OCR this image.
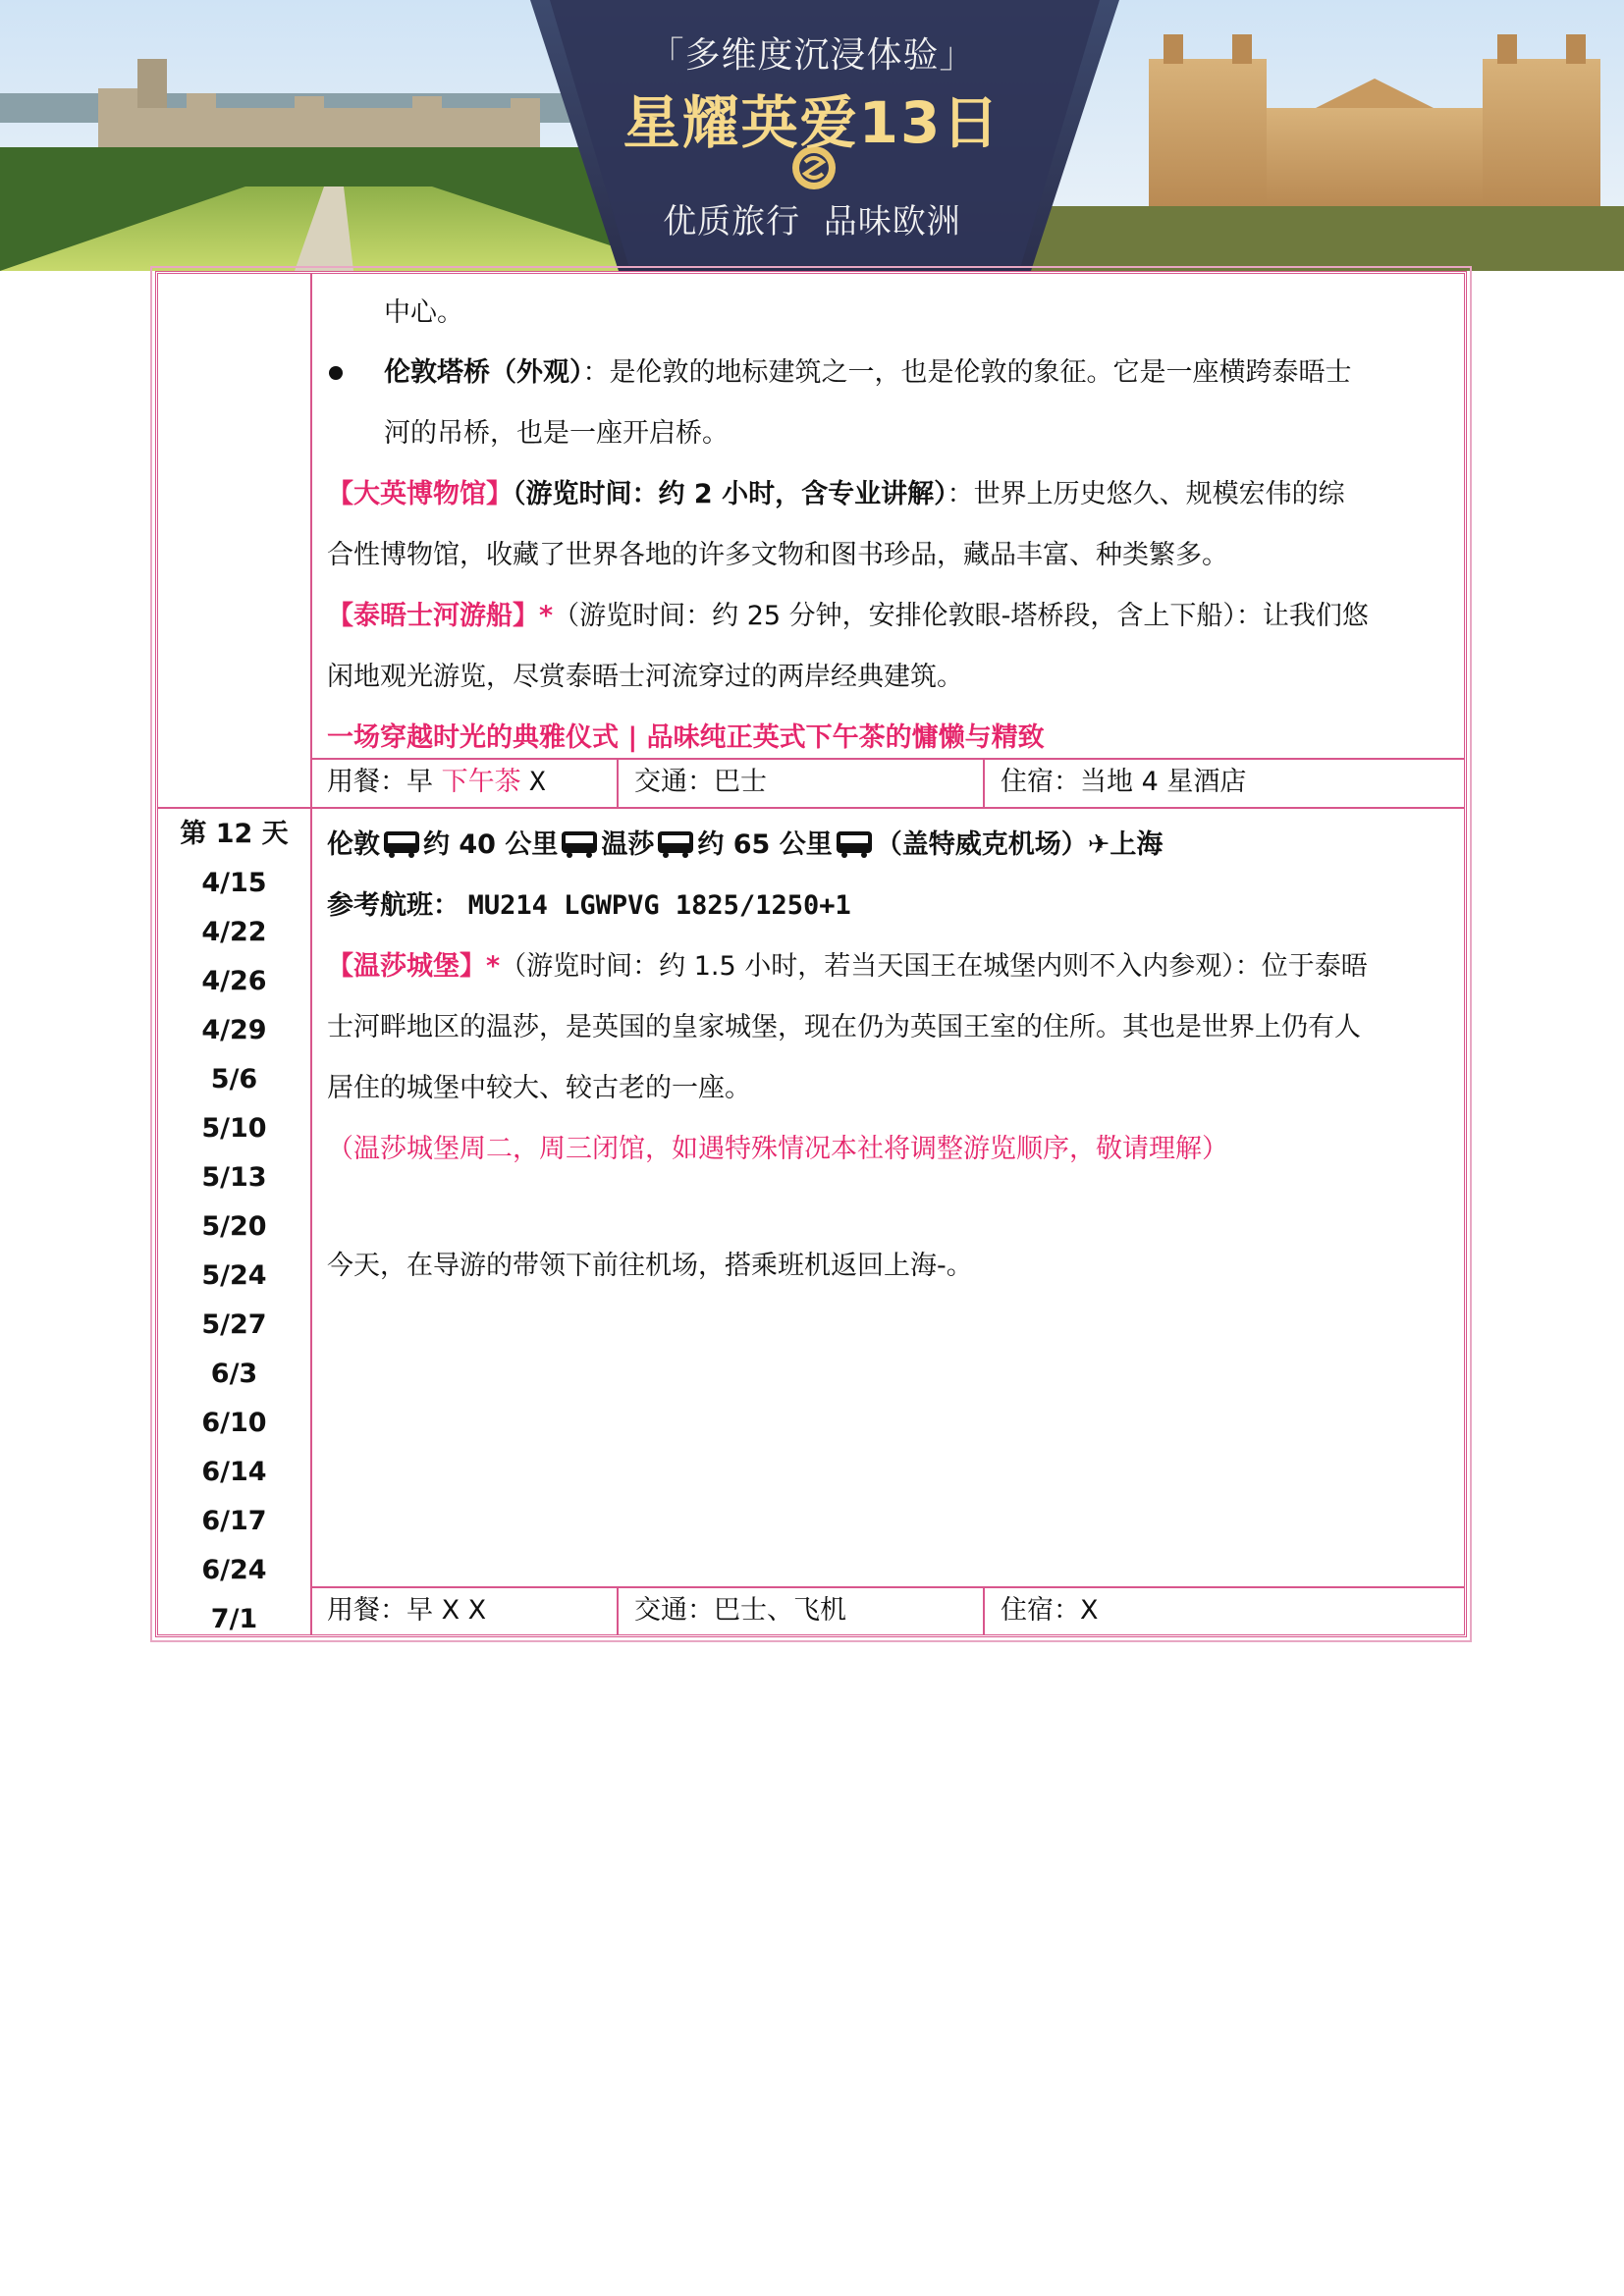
「多维度沉浸体验」
星耀英爱13日
优质旅行  品味欧洲
中心。
伦敦塔桥（外观）：是伦敦的地标建筑之一，也是伦敦的象征。它是一座横跨泰晤士
河的吊桥，也是一座开启桥。
【大英博物馆】（游览时间：约 2 小时，含专业讲解）：世界上历史悠久、规模宏伟的综
合性博物馆，收藏了世界各地的许多文物和图书珍品，藏品丰富、种类繁多。
【泰晤士河游船】*（游览时间：约 25 分钟，安排伦敦眼-塔桥段，含上下船）：让我们悠
闲地观光游览，尽赏泰晤士河流穿过的两岸经典建筑。
一场穿越时光的典雅仪式 | 品味纯正英式下午茶的慵懒与精致
用餐：早 下午茶 X	交通：巴士	住宿：当地 4 星酒店
第 12 天
4/15
4/22
4/26
4/29
5/6
5/10
5/13
5/20
5/24
5/27
6/3
6/10
6/14
6/17
6/24
7/1
伦敦 约 40 公里 温莎 约 65 公里 （盖特威克机场）✈上海
参考航班： MU214 LGWPVG 1825/1250+1
【温莎城堡】*（游览时间：约 1.5 小时，若当天国王在城堡内则不入内参观）：位于泰晤
士河畔地区的温莎，是英国的皇家城堡，现在仍为英国王室的住所。其也是世界上仍有人
居住的城堡中较大、较古老的一座。
（温莎城堡周二，周三闭馆，如遇特殊情况本社将调整游览顺序，敬请理解）
今天，在导游的带领下前往机场，搭乘班机返回上海-。
用餐：早 X X	交通：巴士、飞机	住宿：X
